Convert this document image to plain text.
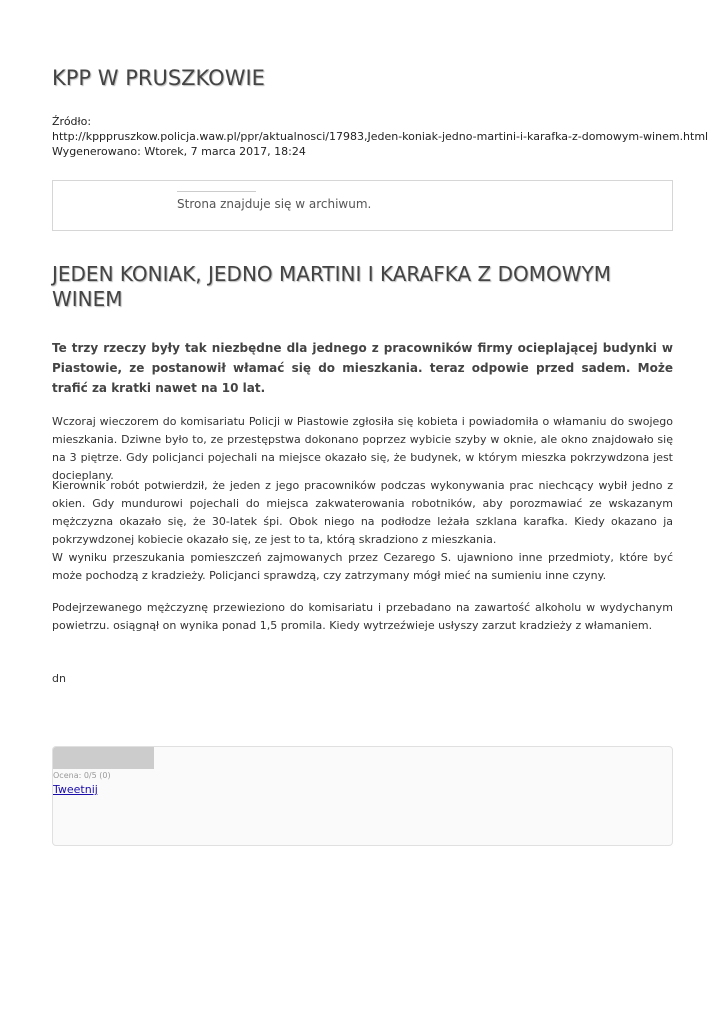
KPP W PRUSZKOWIE
Źródło:
http://kpppruszkow.policja.waw.pl/ppr/aktualnosci/17983,Jeden-koniak-jedno-martini-i-karafka-z-domowym-winem.html
Wygenerowano: Wtorek, 7 marca 2017, 18:24
Strona znajduje się w archiwum.
JEDEN KONIAK, JEDNO MARTINI I KARAFKA Z DOMOWYM WINEM

Te trzy rzeczy były tak niezbędne dla jednego z pracowników firmy ocieplającej budynki w Piastowie, ze postanowił włamać się do mieszkania. teraz odpowie przed sadem. Może trafić za kratki nawet na 10 lat.

Wczoraj wieczorem do komisariatu Policji w Piastowie zgłosiła się kobieta i powiadomiła o włamaniu do swojego mieszkania. Dziwne było to, ze przestępstwa dokonano poprzez wybicie szyby w oknie, ale okno znajdowało się na 3 piętrze. Gdy policjanci pojechali na miejsce okazało się, że budynek, w którym mieszka pokrzywdzona jest docieplany.

Kierownik robót potwierdził, że jeden z jego pracowników podczas wykonywania prac niechcący wybił jedno z okien. Gdy mundurowi pojechali do miejsca zakwaterowania robotników, aby porozmawiać ze wskazanym mężczyzna okazało się, że 30-latek śpi. Obok niego na podłodze leżała szklana karafka. Kiedy okazano ja pokrzywdzonej kobiecie okazało się, ze jest to ta, którą skradziono z mieszkania.
W wyniku przeszukania pomieszczeń zajmowanych przez Cezarego S. ujawniono inne przedmioty, które być może pochodzą z kradzieży. Policjanci sprawdzą, czy zatrzymany mógł mieć na sumieniu inne czyny.

Podejrzewanego mężczyznę przewieziono do komisariatu i przebadano na zawartość alkoholu w wydychanym powietrzu. osiągnął on wynika ponad 1,5 promila. Kiedy wytrzeźwieje usłyszy zarzut kradzieży z włamaniem.

dn
Ocena: 0/5 (0)
Tweetnij
